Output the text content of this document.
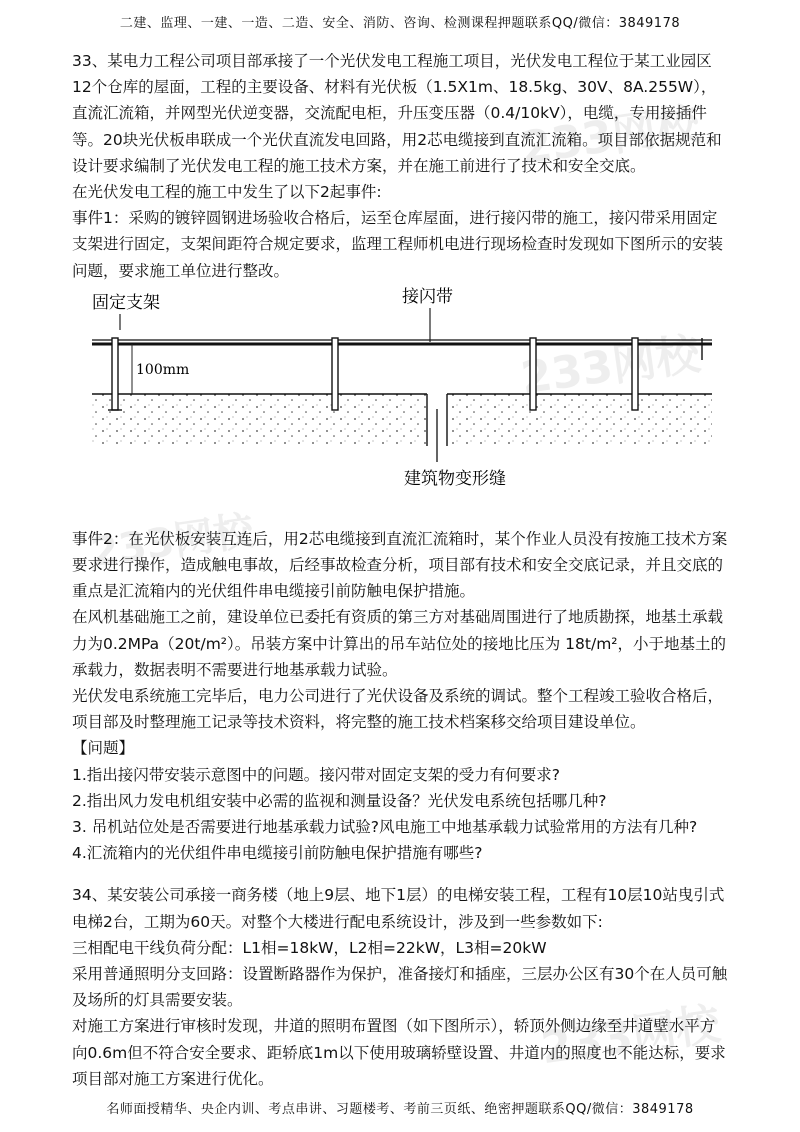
二建、监理、一建、一造、二造、安全、消防、咨询、检测课程押题联系QQ/微信：3849178
233网校
233网校
233网校
233网校

33、某电力工程公司项目部承接了一个光伏发电工程施工项目，光伏发电工程位于某工业园区12个仓库的屋面，工程的主要设备、材料有光伏板（1.5X1m、18.5kg、30V、8A.255W），直流汇流箱，并网型光伏逆变器，交流配电柜，升压变压器（0.4/10kV），电缆，专用接插件等。20块光伏板串联成一个光伏直流发电回路，用2芯电缆接到直流汇流箱。项目部依据规范和设计要求编制了光伏发电工程的施工技术方案，并在施工前进行了技术和安全交底。

在光伏发电工程的施工中发生了以下2起事件:

事件1：采购的镀锌圆钢进场验收合格后，运至仓库屋面，进行接闪带的施工，接闪带采用固定支架进行固定，支架间距符合规定要求，监理工程师机电进行现场检查时发现如下图所示的安装问题，要求施工单位进行整改。

固定支架	接闪带
建筑物变形缝
100mm

事件2：在光伏板安装互连后，用2芯电缆接到直流汇流箱时，某个作业人员没有按施工技术方案要求进行操作，造成触电事故，后经事故检查分析，项目部有技术和安全交底记录，并且交底的重点是汇流箱内的光伏组件串电缆接引前防触电保护措施。

在风机基础施工之前，建设单位已委托有资质的第三方对基础周围进行了地质勘探，地基土承载力为0.2MPa（20t/m²）。吊装方案中计算出的吊车站位处的接地比压为 18t/m²，小于地基土的承载力，数据表明不需要进行地基承载力试验。

光伏发电系统施工完毕后，电力公司进行了光伏设备及系统的调试。整个工程竣工验收合格后，项目部及时整理施工记录等技术资料，将完整的施工技术档案移交给项目建设单位。

【问题】

1.指出接闪带安装示意图中的问题。接闪带对固定支架的受力有何要求?

2.指出风力发电机组安装中必需的监视和测量设备？光伏发电系统包括哪几种?

3. 吊机站位处是否需要进行地基承载力试验?风电施工中地基承载力试验常用的方法有几种?

4.汇流箱内的光伏组件串电缆接引前防触电保护措施有哪些?

34、某安装公司承接一商务楼（地上9层、地下1层）的电梯安装工程，工程有10层10站曳引式电梯2台，工期为60天。对整个大楼进行配电系统设计，涉及到一些参数如下:

三相配电干线负荷分配：L1相=18kW，L2相=22kW，L3相=20kW

采用普通照明分支回路：设置断路器作为保护，准备接灯和插座，三层办公区有30个在人员可触及场所的灯具需要安装。

对施工方案进行审核时发现，井道的照明布置图（如下图所示），轿顶外侧边缘至井道壁水平方向0.6m但不符合安全要求、距轿底1m以下使用玻璃轿壁设置、井道内的照度也不能达标，要求项目部对施工方案进行优化。

名师面授精华、央企内训、考点串讲、习题楼考、考前三页纸、绝密押题联系QQ/微信：3849178
